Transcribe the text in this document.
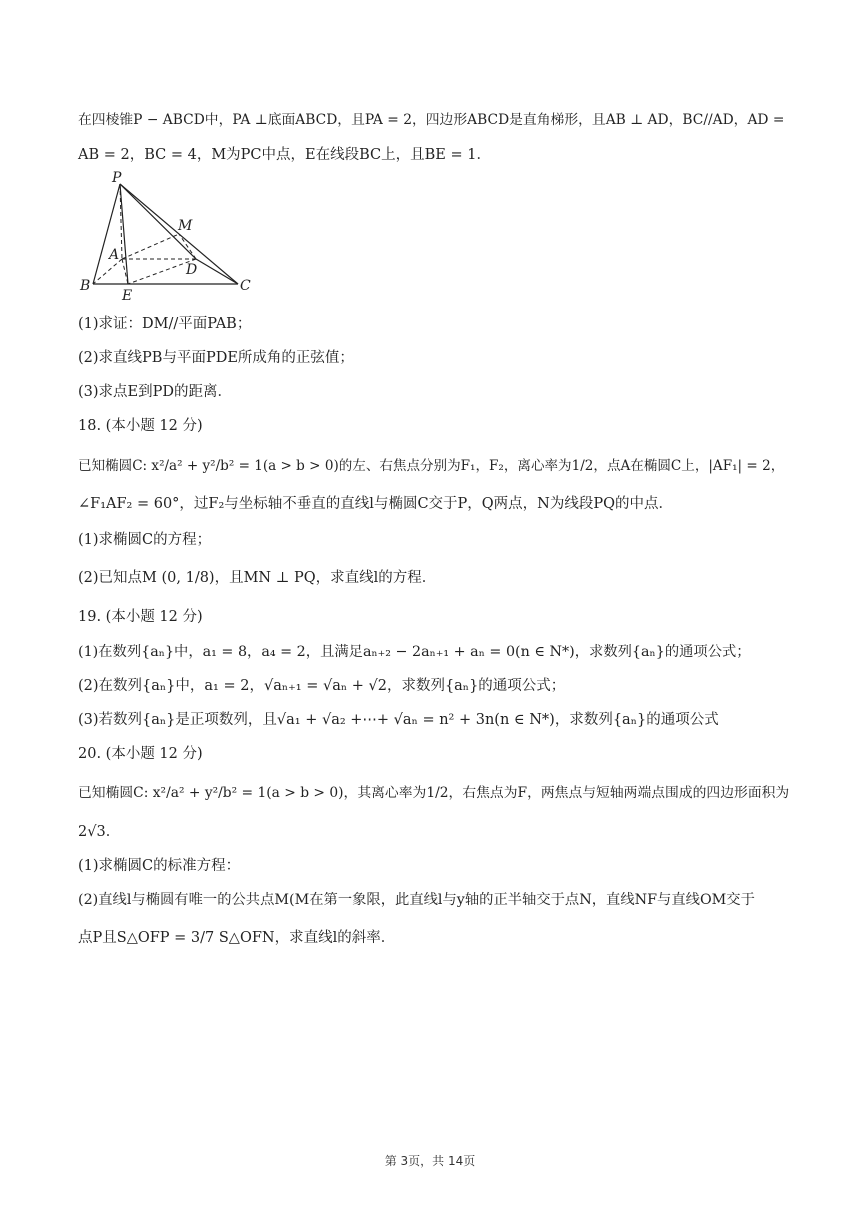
在四棱锥P − ABCD中，PA ⊥底面ABCD，且PA = 2，四边形ABCD是直角梯形，且AB ⊥ AD，BC//AD，AD =
AB = 2，BC = 4，M为PC中点，E在线段BC上，且BE = 1．
P
M
A
D
B
E
C
(1)求证：DM//平面PAB；
(2)求直线PB与平面PDE所成角的正弦值；
(3)求点E到PD的距离．
18. (本小题 12 分)
已知椭圆C: x²/a² + y²/b² = 1(a > b > 0)的左、右焦点分别为F₁，F₂，离心率为1/2，点A在椭圆C上，|AF₁| = 2，
∠F₁AF₂ = 60°，过F₂与坐标轴不垂直的直线l与椭圆C交于P，Q两点，N为线段PQ的中点．
(1)求椭圆C的方程；
(2)已知点M (0, 1/8)，且MN ⊥ PQ，求直线l的方程．
19. (本小题 12 分)
(1)在数列{aₙ}中，a₁ = 8，a₄ = 2，且满足aₙ₊₂ − 2aₙ₊₁ + aₙ = 0(n ∈ N*)，求数列{aₙ}的通项公式；
(2)在数列{aₙ}中，a₁ = 2，√aₙ₊₁ = √aₙ + √2，求数列{aₙ}的通项公式；
(3)若数列{aₙ}是正项数列，且√a₁ + √a₂ +⋯+ √aₙ = n² + 3n(n ∈ N*)，求数列{aₙ}的通项公式
20. (本小题 12 分)
已知椭圆C: x²/a² + y²/b² = 1(a > b > 0)，其离心率为1/2，右焦点为F，两焦点与短轴两端点围成的四边形面积为
2√3．
(1)求椭圆C的标准方程：
(2)直线l与椭圆有唯一的公共点M(M在第一象限，此直线l与y轴的正半轴交于点N，直线NF与直线OM交于
点P且S△OFP = 3/7 S△OFN，求直线l的斜率．
第 3页，共 14页
